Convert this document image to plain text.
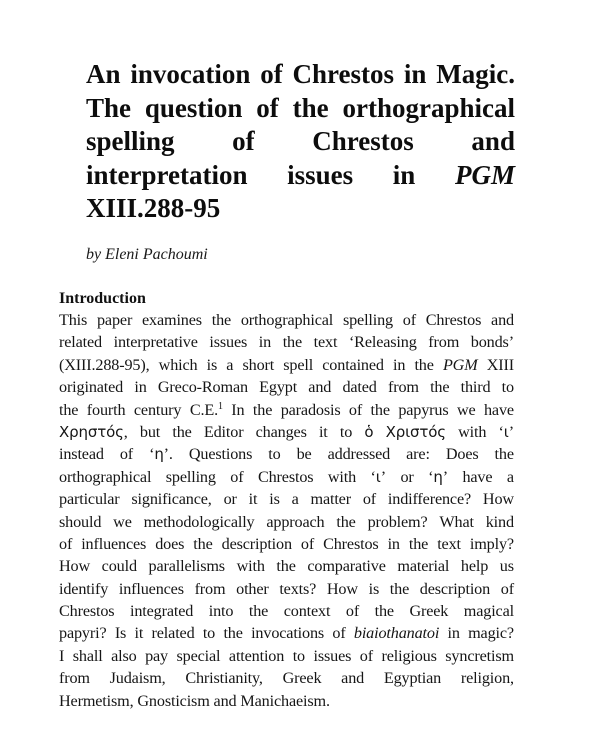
An invocation of Chrestos in Magic.
The question of the orthographical
spelling of Chrestos and
interpretation issues in PGM
XIII.288-95

by Eleni Pachoumi

Introduction
This paper examines the orthographical spelling of Chrestos and
related interpretative issues in the text ‘Releasing from bonds’
(XIII.288-95), which is a short spell contained in the PGM XIII
originated in Greco-Roman Egypt and dated from the third to
the fourth century C.E.$^1$ In the paradosis of the papyrus we have
Χρηστός, but the Editor changes it to ὁ Χριστός with ‘ι’
instead of ‘η’. Questions to be addressed are: Does the
orthographical spelling of Chrestos with ‘ι’ or ‘η’ have a
particular significance, or it is a matter of indifference? How
should we methodologically approach the problem? What kind
of influences does the description of Chrestos in the text imply?
How could parallelisms with the comparative material help us
identify influences from other texts? How is the description of
Chrestos integrated into the context of the Greek magical
papyri? Is it related to the invocations of biaiothanatoi in magic?
I shall also pay special attention to issues of religious syncretism
from Judaism, Christianity, Greek and Egyptian religion,
Hermetism, Gnosticism and Manichaeism.
